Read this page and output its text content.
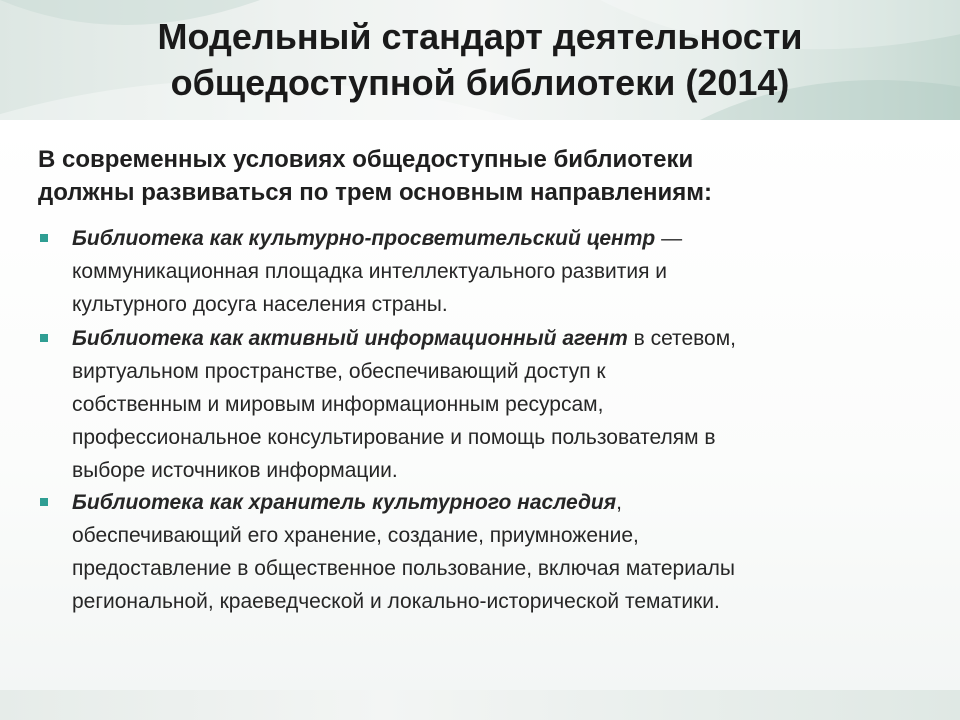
Модельный стандарт деятельности
общедоступной библиотеки (2014)

В современных условиях общедоступные библиотеки
должны развиваться по трем основным направлениям:

Библиотека как культурно-просветительский центр —
коммуникационная площадка интеллектуального развития и
культурного досуга населения страны.
Библиотека как активный информационный агент в сетевом,
виртуальном пространстве, обеспечивающий доступ к
собственным и мировым информационным ресурсам,
профессиональное консультирование и помощь пользователям в
выборе источников информации.
Библиотека как хранитель культурного наследия,
обеспечивающий его хранение, создание, приумножение,
предоставление в общественное пользование, включая материалы
региональной, краеведческой и локально-исторической тематики.
